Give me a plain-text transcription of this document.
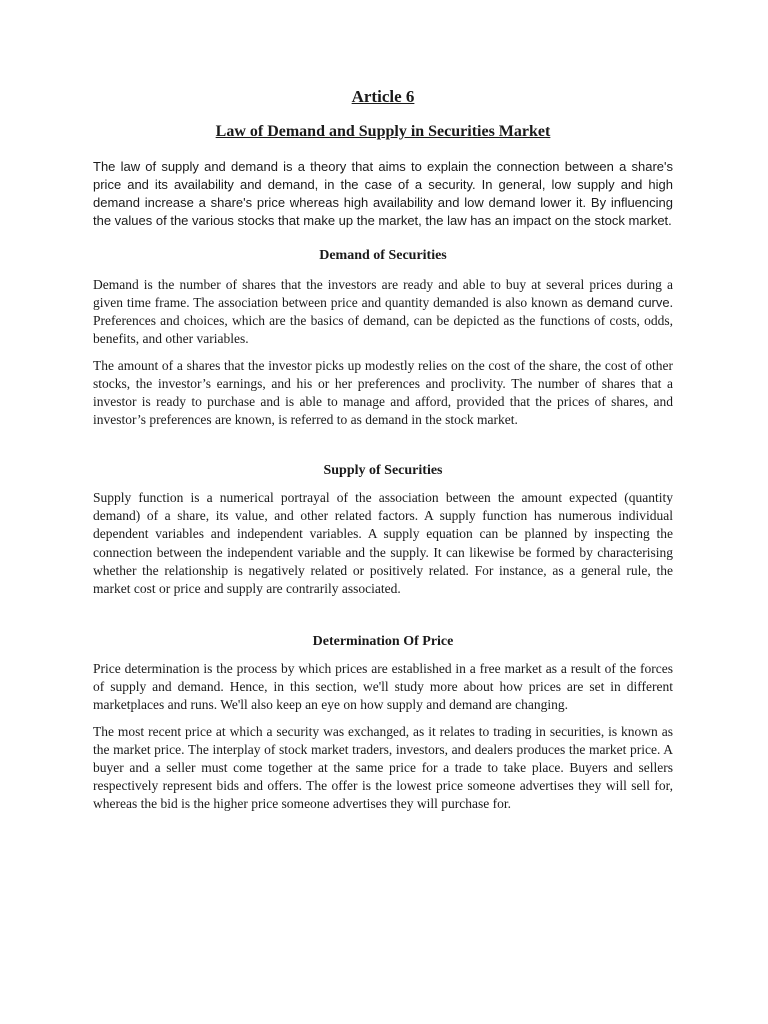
Article 6
Law of Demand and Supply in Securities Market

The law of supply and demand is a theory that aims to explain the connection between a share's price and its availability and demand, in the case of a security. In general, low supply and high demand increase a share's price whereas high availability and low demand lower it. By influencing the values of the various stocks that make up the market, the law has an impact on the stock market.

Demand of Securities

Demand is the number of shares that the investors are ready and able to buy at several prices during a given time frame. The association between price and quantity demanded is also known as demand curve. Preferences and choices, which are the basics of demand, can be depicted as the functions of costs, odds, benefits, and other variables.

The amount of a shares that the investor picks up modestly relies on the cost of the share, the cost of other stocks, the investor’s earnings, and his or her preferences and proclivity. The number of shares that a investor is ready to purchase and is able to manage and afford, provided that the prices of shares, and investor’s preferences are known, is referred to as demand in the stock market.

Supply of Securities

Supply function is a numerical portrayal of the association between the amount expected (quantity demand) of a share, its value, and other related factors. A supply function has numerous individual dependent variables and independent variables. A supply equation can be planned by inspecting the connection between the independent variable and the supply. It can likewise be formed by characterising whether the relationship is negatively related or positively related. For instance, as a general rule, the market cost or price and supply are contrarily associated.

Determination Of Price

Price determination is the process by which prices are established in a free market as a result of the forces of supply and demand. Hence, in this section, we'll study more about how prices are set in different marketplaces and runs. We'll also keep an eye on how supply and demand are changing.

The most recent price at which a security was exchanged, as it relates to trading in securities, is known as the market price. The interplay of stock market traders, investors, and dealers produces the market price. A buyer and a seller must come together at the same price for a trade to take place. Buyers and sellers respectively represent bids and offers. The offer is the lowest price someone advertises they will sell for, whereas the bid is the higher price someone advertises they will purchase for.
